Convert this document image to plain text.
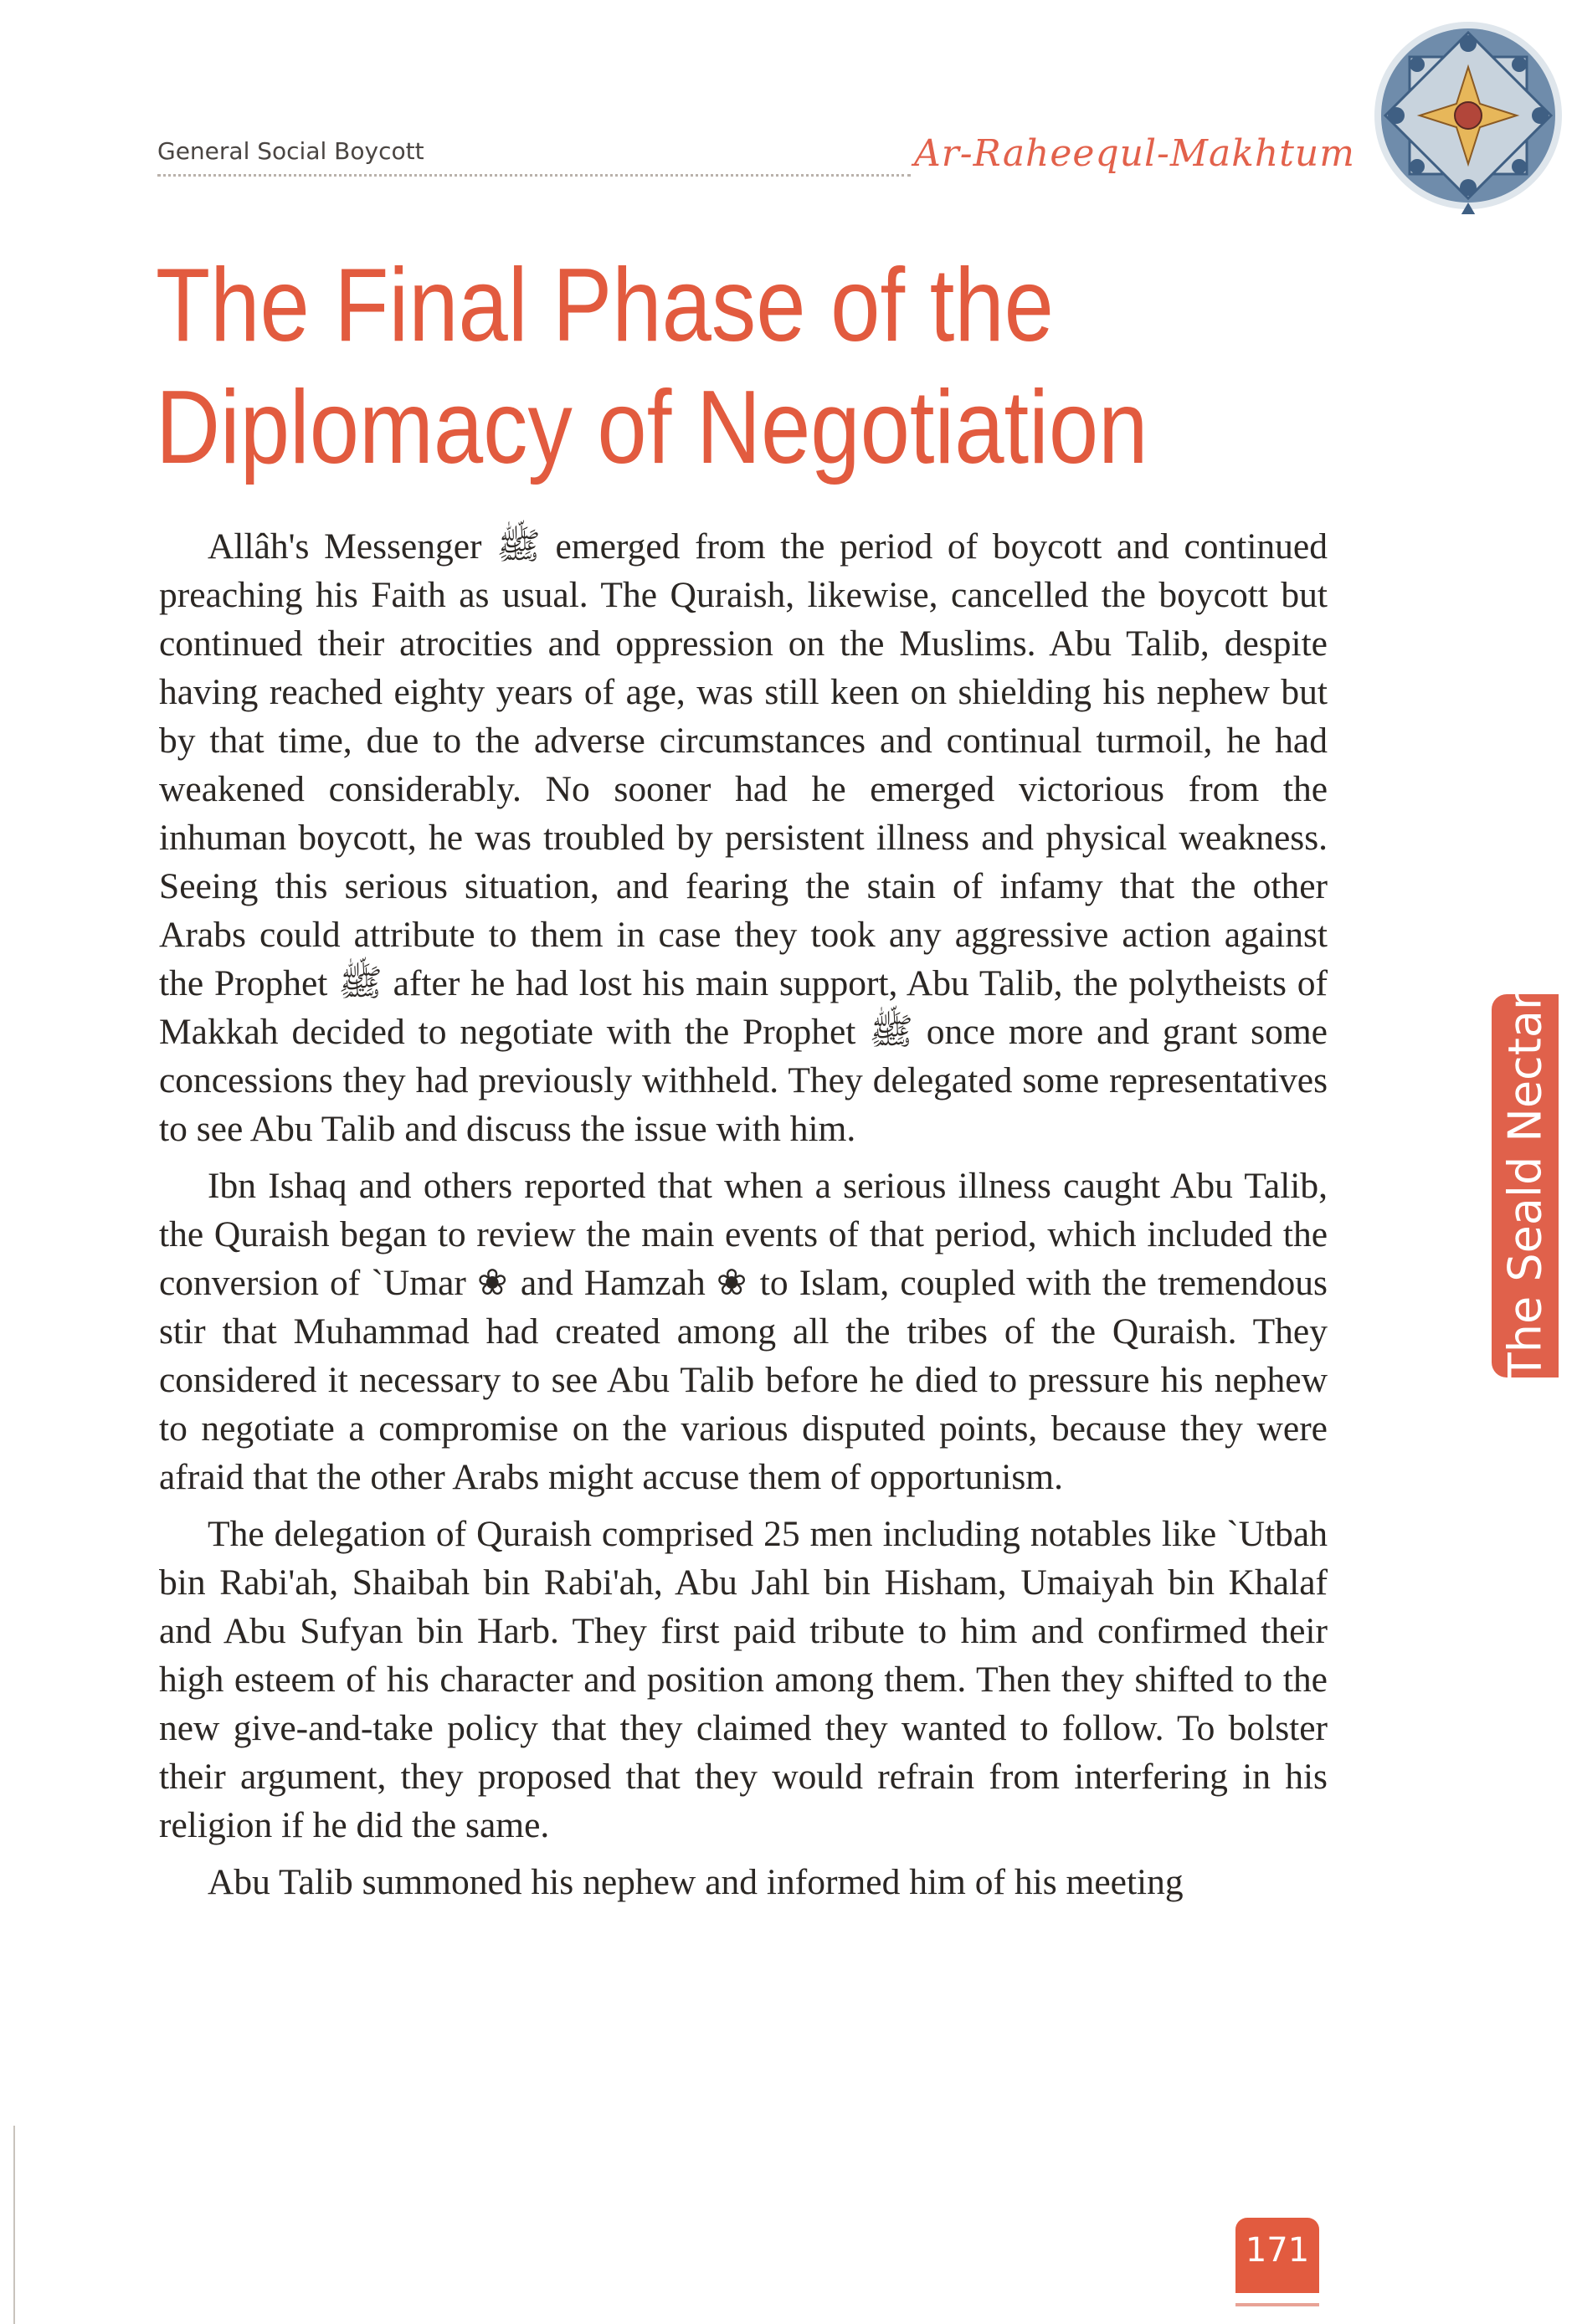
General Social Boycott	Ar-Raheequl-Makhtum
The Final Phase of the
Diplomacy of Negotiation

Allâh's Messenger ﷺ emerged from the period of boycott and continued preaching his Faith as usual. The Quraish, likewise, cancelled the boycott but continued their atrocities and oppression on the Muslims. Abu Talib, despite having reached eighty years of age, was still keen on shielding his nephew but by that time, due to the adverse circumstances and continual turmoil, he had weakened considerably. No sooner had he emerged victorious from the inhuman boycott, he was troubled by persistent illness and physical weakness. Seeing this serious situation, and fearing the stain of infamy that the other Arabs could attribute to them in case they took any aggressive action against the Prophet ﷺ after he had lost his main support, Abu Talib, the polytheists of Makkah decided to negotiate with the Prophet ﷺ once more and grant some concessions they had previously withheld. They delegated some representatives to see Abu Talib and discuss the issue with him.

Ibn Ishaq and others reported that when a serious illness caught Abu Talib, the Quraish began to review the main events of that period, which included the conversion of `Umar ❀ and Hamzah ❀ to Islam, coupled with the tremendous stir that Muhammad had created among all the tribes of the Quraish. They considered it necessary to see Abu Talib before he died to pressure his nephew to negotiate a compromise on the various disputed points, because they were afraid that the other Arabs might accuse them of opportunism.

The delegation of Quraish comprised 25 men including notables like `Utbah bin Rabi'ah, Shaibah bin Rabi'ah, Abu Jahl bin Hisham, Umaiyah bin Khalaf and Abu Sufyan bin Harb. They first paid tribute to him and confirmed their high esteem of his character and position among them. Then they shifted to the new give-and-take policy that they claimed they wanted to follow. To bolster their argument, they proposed that they would refrain from interfering in his religion if he did the same.

Abu Talib summoned his nephew and informed him of his meeting

The Seald Nectar
171
